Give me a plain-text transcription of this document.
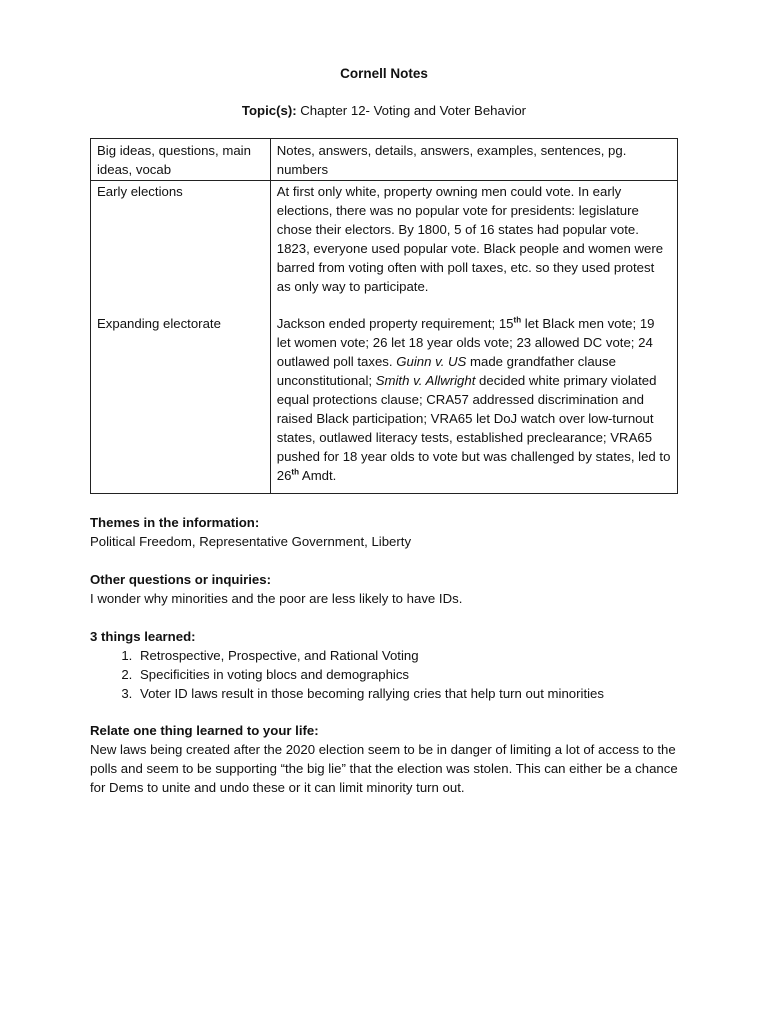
Cornell Notes
Topic(s): Chapter 12- Voting and Voter Behavior
Big ideas, questions, main ideas, vocab	Notes, answers, details, answers, examples, sentences, pg. numbers
Early elections	At first only white, property owning men could vote. In early elections, there was no popular vote for presidents: legislature chose their electors. By 1800, 5 of 16 states had popular vote. 1823, everyone used popular vote. Black people and women were barred from voting often with poll taxes, etc. so they used protest as only way to participate.
Expanding electorate	Jackson ended property requirement; 15th let Black men vote; 19 let women vote; 26 let 18 year olds vote; 23 allowed DC vote; 24 outlawed poll taxes. Guinn v. US made grandfather clause unconstitutional; Smith v. Allwright decided white primary violated equal protections clause; CRA57 addressed discrimination and raised Black participation; VRA65 let DoJ watch over low-turnout states, outlawed literacy tests, established preclearance; VRA65 pushed for 18 year olds to vote but was challenged by states, led to 26th Amdt.
Themes in the information:
Political Freedom, Representative Government, Liberty
Other questions or inquiries:
I wonder why minorities and the poor are less likely to have IDs.
3 things learned:
1. Retrospective, Prospective, and Rational Voting
2. Specificities in voting blocs and demographics
3. Voter ID laws result in those becoming rallying cries that help turn out minorities
Relate one thing learned to your life:
New laws being created after the 2020 election seem to be in danger of limiting a lot of access to the polls and seem to be supporting “the big lie” that the election was stolen. This can either be a chance for Dems to unite and undo these or it can limit minority turn out.
